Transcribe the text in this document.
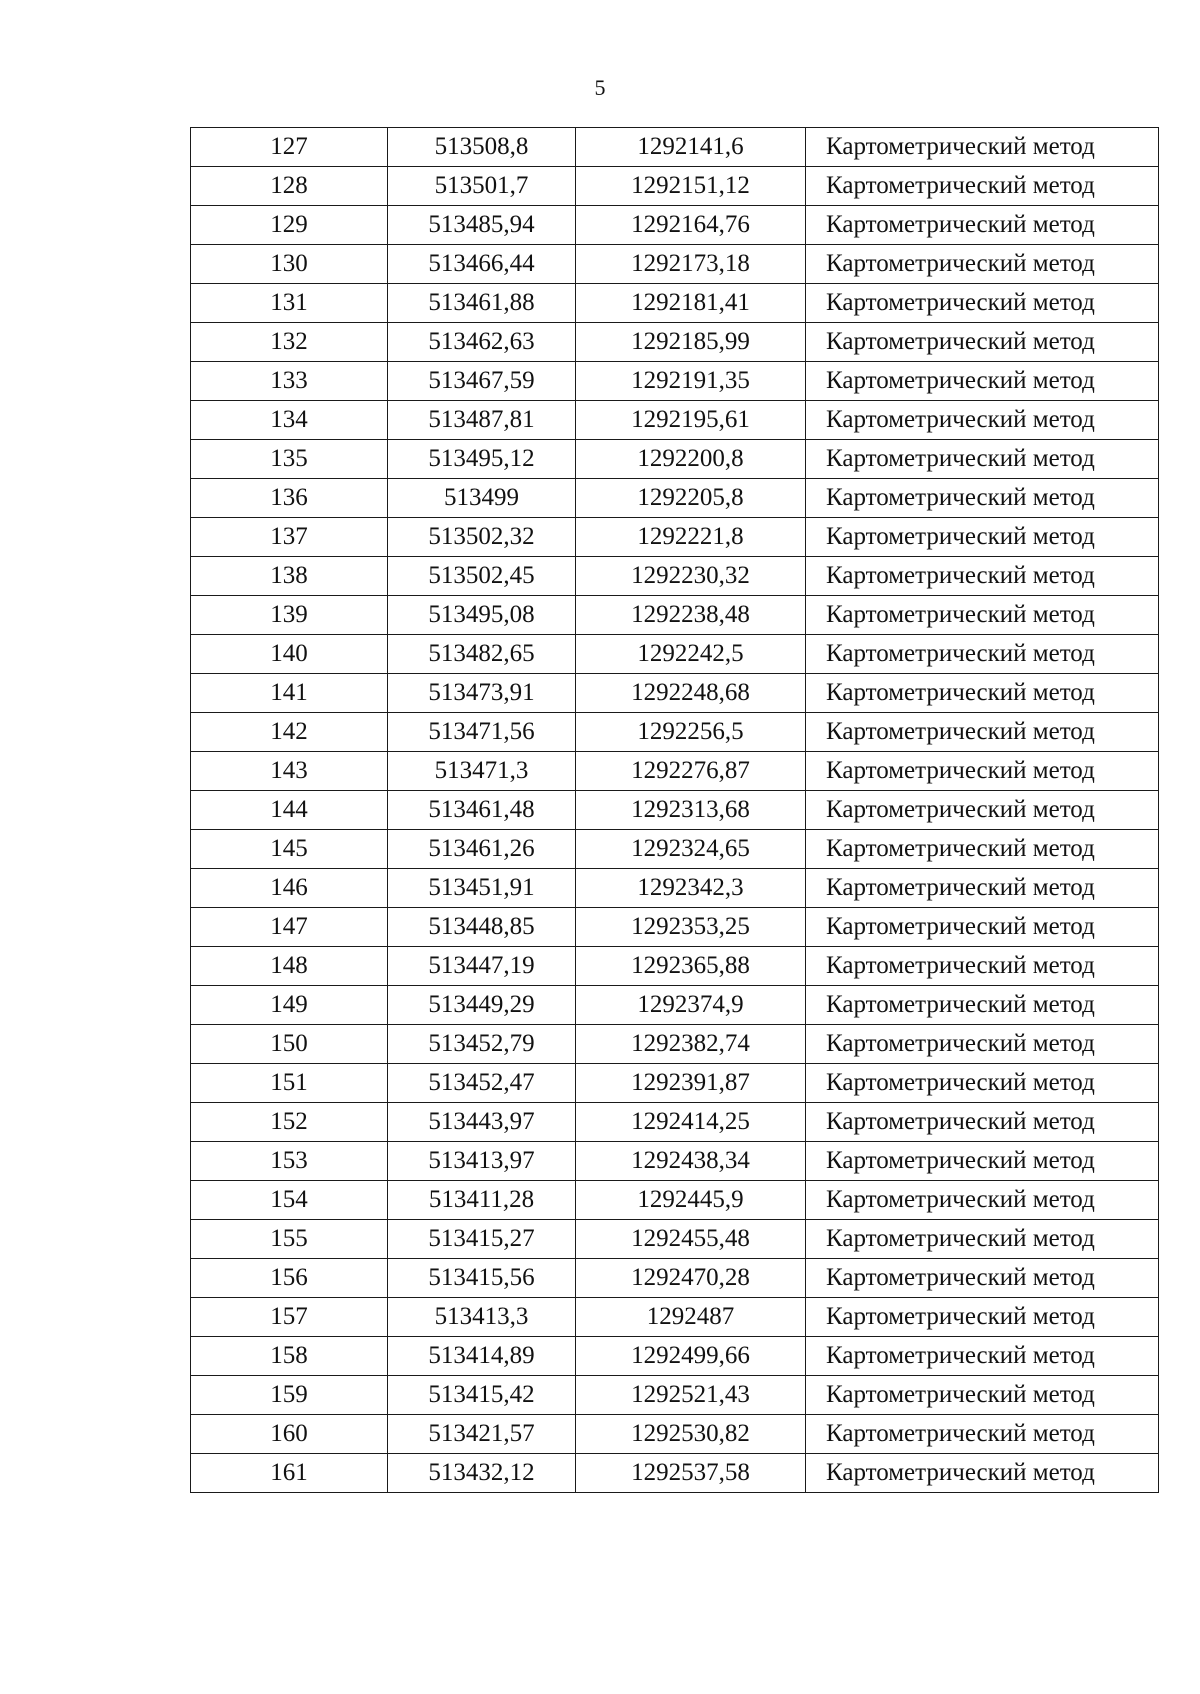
5
127	513508,8	1292141,6	Картометрический метод
128	513501,7	1292151,12	Картометрический метод
129	513485,94	1292164,76	Картометрический метод
130	513466,44	1292173,18	Картометрический метод
131	513461,88	1292181,41	Картометрический метод
132	513462,63	1292185,99	Картометрический метод
133	513467,59	1292191,35	Картометрический метод
134	513487,81	1292195,61	Картометрический метод
135	513495,12	1292200,8	Картометрический метод
136	513499	1292205,8	Картометрический метод
137	513502,32	1292221,8	Картометрический метод
138	513502,45	1292230,32	Картометрический метод
139	513495,08	1292238,48	Картометрический метод
140	513482,65	1292242,5	Картометрический метод
141	513473,91	1292248,68	Картометрический метод
142	513471,56	1292256,5	Картометрический метод
143	513471,3	1292276,87	Картометрический метод
144	513461,48	1292313,68	Картометрический метод
145	513461,26	1292324,65	Картометрический метод
146	513451,91	1292342,3	Картометрический метод
147	513448,85	1292353,25	Картометрический метод
148	513447,19	1292365,88	Картометрический метод
149	513449,29	1292374,9	Картометрический метод
150	513452,79	1292382,74	Картометрический метод
151	513452,47	1292391,87	Картометрический метод
152	513443,97	1292414,25	Картометрический метод
153	513413,97	1292438,34	Картометрический метод
154	513411,28	1292445,9	Картометрический метод
155	513415,27	1292455,48	Картометрический метод
156	513415,56	1292470,28	Картометрический метод
157	513413,3	1292487	Картометрический метод
158	513414,89	1292499,66	Картометрический метод
159	513415,42	1292521,43	Картометрический метод
160	513421,57	1292530,82	Картометрический метод
161	513432,12	1292537,58	Картометрический метод
